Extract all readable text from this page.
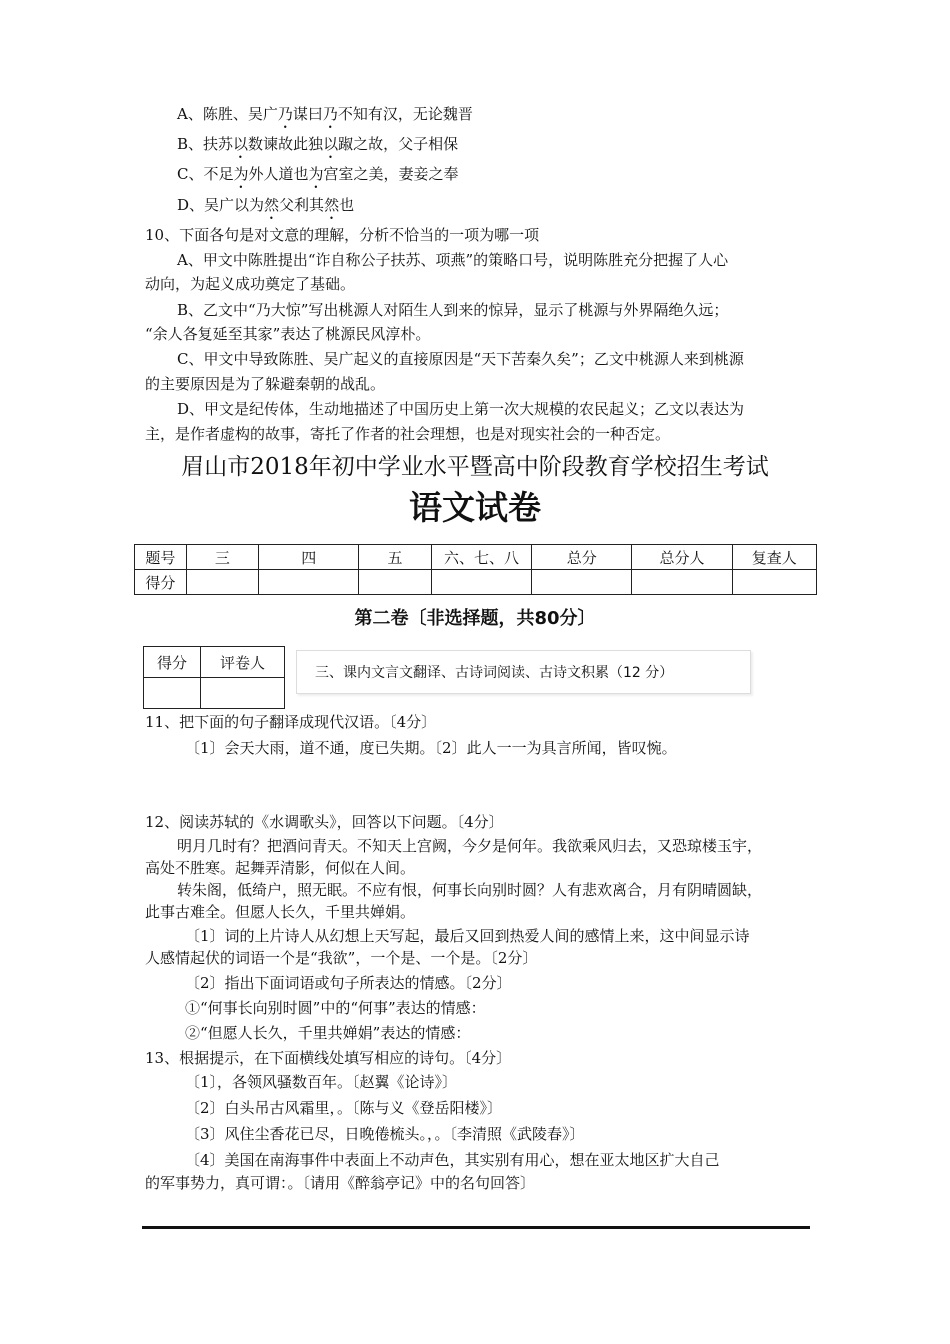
A、陈胜、吴广乃谋曰乃不知有汉，无论魏晋
B、扶苏以数谏故此独以踧之故，父子相保
C、不足为外人道也为宫室之美，妻妾之奉
D、吴广以为然父利其然也
10、下面各句是对文意的理解，分析不恰当的一项为哪一项
A、甲文中陈胜提出“诈自称公子扶苏、项燕”的策略口号，说明陈胜充分把握了人心
动向，为起义成功奠定了基础。
B、乙文中“乃大惊”写出桃源人对陌生人到来的惊异，显示了桃源与外界隔绝久远；
“余人各复延至其家”表达了桃源民风淳朴。
C、甲文中导致陈胜、吴广起义的直接原因是“天下苦秦久矣”；乙文中桃源人来到桃源
的主要原因是为了躲避秦朝的战乱。
D、甲文是纪传体，生动地描述了中国历史上第一次大规模的农民起义；乙文以表达为
主，是作者虚构的故事，寄托了作者的社会理想，也是对现实社会的一种否定。
眉山市2018年初中学业水平暨高中阶段教育学校招生考试
语文试卷
题号	三	四	五	六、七、八	总分	总分人	复查人
得分							
第二卷〔非选择题，共80分〕
得分	评卷人

三、课内文言文翻译、古诗词阅读、古诗文积累（12 分）
11、把下面的句子翻译成现代汉语。〔4分〕
〔1〕会天大雨，道不通，度已失期。〔2〕此人一一为具言所闻，皆叹惋。
12、阅读苏轼的《水调歌头》，回答以下问题。〔4分〕
明月几时有？把酒问青天。不知天上宫阙，今夕是何年。我欲乘风归去，又恐琼楼玉宇，
高处不胜寒。起舞弄清影，何似在人间。
转朱阁，低绮户，照无眠。不应有恨，何事长向别时圆？人有悲欢离合，月有阴晴圆缺，
此事古难全。但愿人长久，千里共婵娟。
〔1〕词的上片诗人从幻想上天写起，最后又回到热爱人间的感情上来，这中间显示诗
人感情起伏的词语一个是“我欲”，一个是、一个是。〔2分〕
〔2〕指出下面词语或句子所表达的情感。〔2分〕
①“何事长向别时圆”中的“何事”表达的情感：
②“但愿人长久，千里共婵娟”表达的情感：
13、根据提示，在下面横线处填写相应的诗句。〔4分〕
〔1〕，各领风骚数百年。〔赵翼《论诗》〕
〔2〕白头吊古风霜里，。〔陈与义《登岳阳楼》〕
〔3〕风住尘香花已尽，日晚倦梳头。，。〔李清照《武陵春》〕
〔4〕美国在南海事件中表面上不动声色，其实别有用心，想在亚太地区扩大自己
的军事势力，真可谓：。〔请用《醉翁亭记》中的名句回答〕
